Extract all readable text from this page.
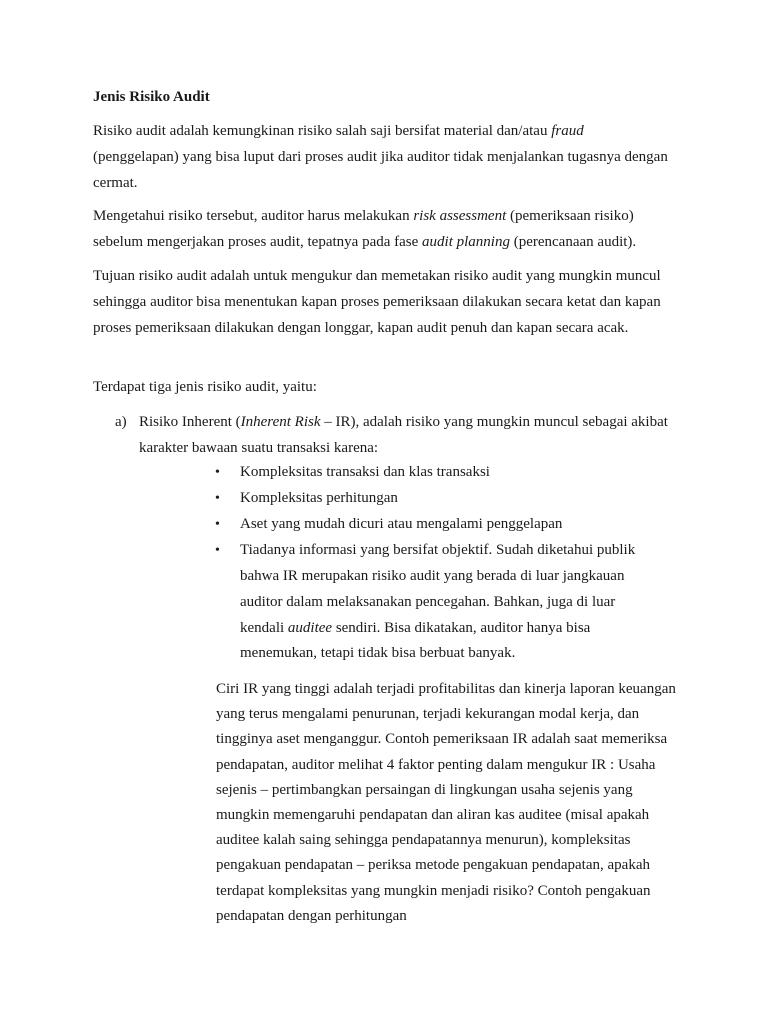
Jenis Risiko Audit

Risiko audit adalah kemungkinan risiko salah saji bersifat material dan/atau fraud (penggelapan) yang bisa luput dari proses audit jika auditor tidak menjalankan tugasnya dengan cermat.

Mengetahui risiko tersebut, auditor harus melakukan risk assessment (pemeriksaan risiko) sebelum mengerjakan proses audit, tepatnya pada fase audit planning (perencanaan audit).

Tujuan risiko audit adalah untuk mengukur dan memetakan risiko audit yang mungkin muncul sehingga auditor bisa menentukan kapan proses pemeriksaan dilakukan secara ketat dan kapan proses pemeriksaan dilakukan dengan longgar, kapan audit penuh dan kapan secara acak.

Terdapat tiga jenis risiko audit, yaitu:

a) Risiko Inherent (Inherent Risk – IR), adalah risiko yang mungkin muncul sebagai akibat karakter bawaan suatu transaksi karena:
• Kompleksitas transaksi dan klas transaksi
• Kompleksitas perhitungan
• Aset yang mudah dicuri atau mengalami penggelapan
• Tiadanya informasi yang bersifat objektif. Sudah diketahui publik bahwa IR merupakan risiko audit yang berada di luar jangkauan auditor dalam melaksanakan pencegahan. Bahkan, juga di luar kendali auditee sendiri. Bisa dikatakan, auditor hanya bisa menemukan, tetapi tidak bisa berbuat banyak.

Ciri IR yang tinggi adalah terjadi profitabilitas dan kinerja laporan keuangan yang terus mengalami penurunan, terjadi kekurangan modal kerja, dan tingginya aset menganggur. Contoh pemeriksaan IR adalah saat memeriksa pendapatan, auditor melihat 4 faktor penting dalam mengukur IR : Usaha sejenis – pertimbangkan persaingan di lingkungan usaha sejenis yang mungkin memengaruhi pendapatan dan aliran kas auditee (misal apakah auditee kalah saing sehingga pendapatannya menurun), kompleksitas pengakuan pendapatan – periksa metode pengakuan pendapatan, apakah terdapat kompleksitas yang mungkin menjadi risiko? Contoh pengakuan pendapatan dengan perhitungan
